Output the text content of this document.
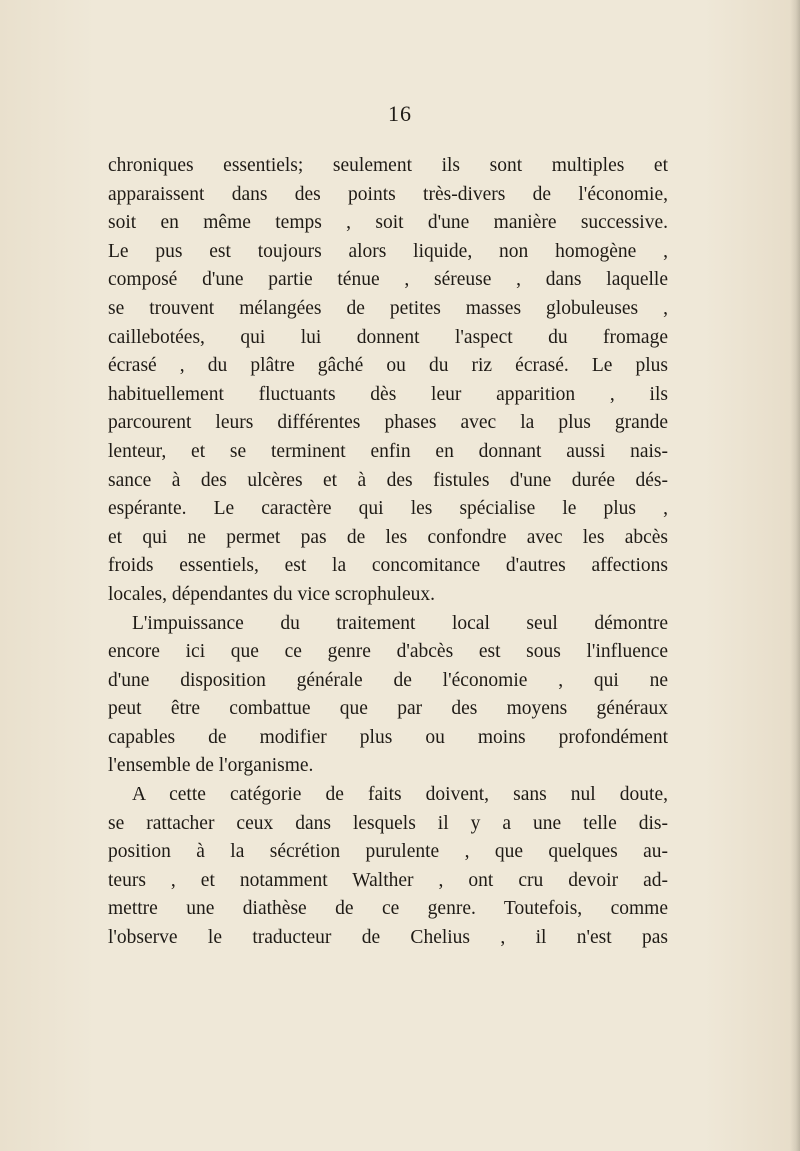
16
chroniques essentiels; seulement ils sont multiples et
apparaissent dans des points très-divers de l'économie,
soit en même temps , soit d'une manière successive.
Le pus est toujours alors liquide, non homogène ,
composé d'une partie ténue , séreuse , dans laquelle
se trouvent mélangées de petites masses globuleuses ,
caillebotées, qui lui donnent l'aspect du fromage
écrasé , du plâtre gâché ou du riz écrasé. Le plus
habituellement fluctuants dès leur apparition , ils
parcourent leurs différentes phases avec la plus grande
lenteur, et se terminent enfin en donnant aussi nais-
sance à des ulcères et à des fistules d'une durée dés-
espérante. Le caractère qui les spécialise le plus ,
et qui ne permet pas de les confondre avec les abcès
froids essentiels, est la concomitance d'autres affections
locales, dépendantes du vice scrophuleux.
L'impuissance du traitement local seul démontre
encore ici que ce genre d'abcès est sous l'influence
d'une disposition générale de l'économie , qui ne
peut être combattue que par des moyens généraux
capables de modifier plus ou moins profondément
l'ensemble de l'organisme.
A cette catégorie de faits doivent, sans nul doute,
se rattacher ceux dans lesquels il y a une telle dis-
position à la sécrétion purulente , que quelques au-
teurs , et notamment Walther , ont cru devoir ad-
mettre une diathèse de ce genre. Toutefois, comme
l'observe le traducteur de Chelius , il n'est pas
